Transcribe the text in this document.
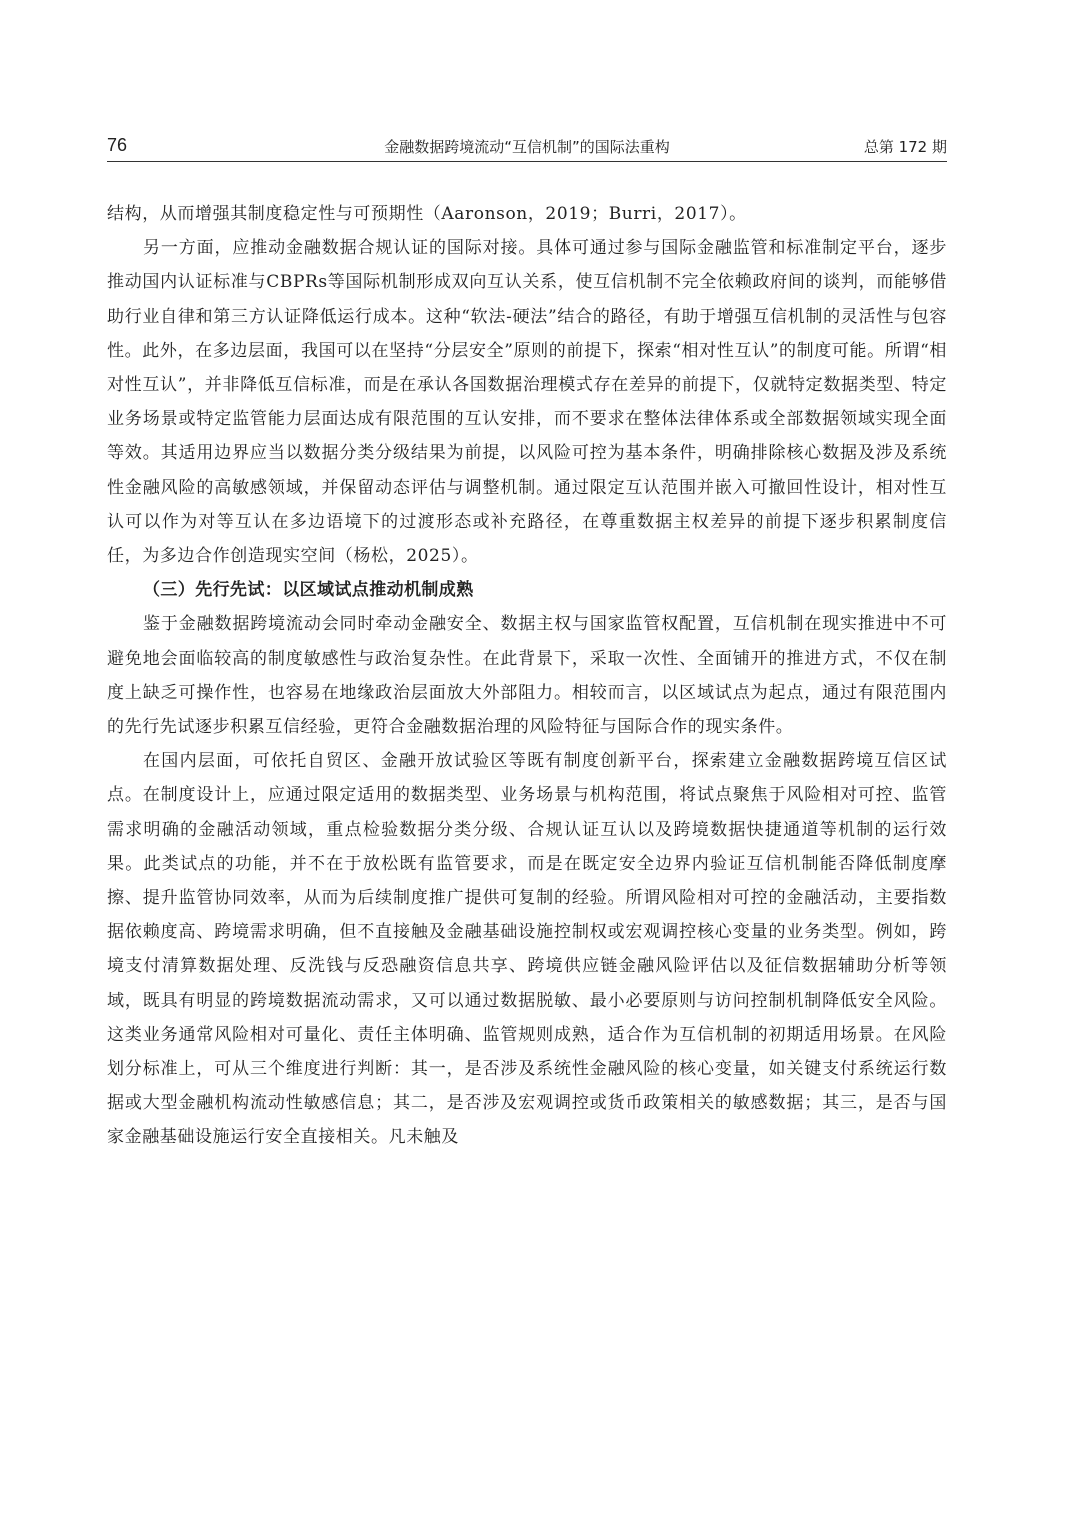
76	金融数据跨境流动“互信机制”的国际法重构	总第 172 期

结构，从而增强其制度稳定性与可预期性（Aaronson，2019；Burri，2017）。

另一方面，应推动金融数据合规认证的国际对接。具体可通过参与国际金融监管和标准制定平台，逐步推动国内认证标准与CBPRs等国际机制形成双向互认关系，使互信机制不完全依赖政府间的谈判，而能够借助行业自律和第三方认证降低运行成本。这种“软法-硬法”结合的路径，有助于增强互信机制的灵活性与包容性。此外，在多边层面，我国可以在坚持“分层安全”原则的前提下，探索“相对性互认”的制度可能。所谓“相对性互认”，并非降低互信标准，而是在承认各国数据治理模式存在差异的前提下，仅就特定数据类型、特定业务场景或特定监管能力层面达成有限范围的互认安排，而不要求在整体法律体系或全部数据领域实现全面等效。其适用边界应当以数据分类分级结果为前提，以风险可控为基本条件，明确排除核心数据及涉及系统性金融风险的高敏感领域，并保留动态评估与调整机制。通过限定互认范围并嵌入可撤回性设计，相对性互认可以作为对等互认在多边语境下的过渡形态或补充路径，在尊重数据主权差异的前提下逐步积累制度信任，为多边合作创造现实空间（杨松，2025）。

（三）先行先试：以区域试点推动机制成熟

鉴于金融数据跨境流动会同时牵动金融安全、数据主权与国家监管权配置，互信机制在现实推进中不可避免地会面临较高的制度敏感性与政治复杂性。在此背景下，采取一次性、全面铺开的推进方式，不仅在制度上缺乏可操作性，也容易在地缘政治层面放大外部阻力。相较而言，以区域试点为起点，通过有限范围内的先行先试逐步积累互信经验，更符合金融数据治理的风险特征与国际合作的现实条件。

在国内层面，可依托自贸区、金融开放试验区等既有制度创新平台，探索建立金融数据跨境互信区试点。在制度设计上，应通过限定适用的数据类型、业务场景与机构范围，将试点聚焦于风险相对可控、监管需求明确的金融活动领域，重点检验数据分类分级、合规认证互认以及跨境数据快捷通道等机制的运行效果。此类试点的功能，并不在于放松既有监管要求，而是在既定安全边界内验证互信机制能否降低制度摩擦、提升监管协同效率，从而为后续制度推广提供可复制的经验。所谓风险相对可控的金融活动，主要指数据依赖度高、跨境需求明确，但不直接触及金融基础设施控制权或宏观调控核心变量的业务类型。例如，跨境支付清算数据处理、反洗钱与反恐融资信息共享、跨境供应链金融风险评估以及征信数据辅助分析等领域，既具有明显的跨境数据流动需求，又可以通过数据脱敏、最小必要原则与访问控制机制降低安全风险。这类业务通常风险相对可量化、责任主体明确、监管规则成熟，适合作为互信机制的初期适用场景。在风险划分标准上，可从三个维度进行判断：其一，是否涉及系统性金融风险的核心变量，如关键支付系统运行数据或大型金融机构流动性敏感信息；其二，是否涉及宏观调控或货币政策相关的敏感数据；其三，是否与国家金融基础设施运行安全直接相关。凡未触及
